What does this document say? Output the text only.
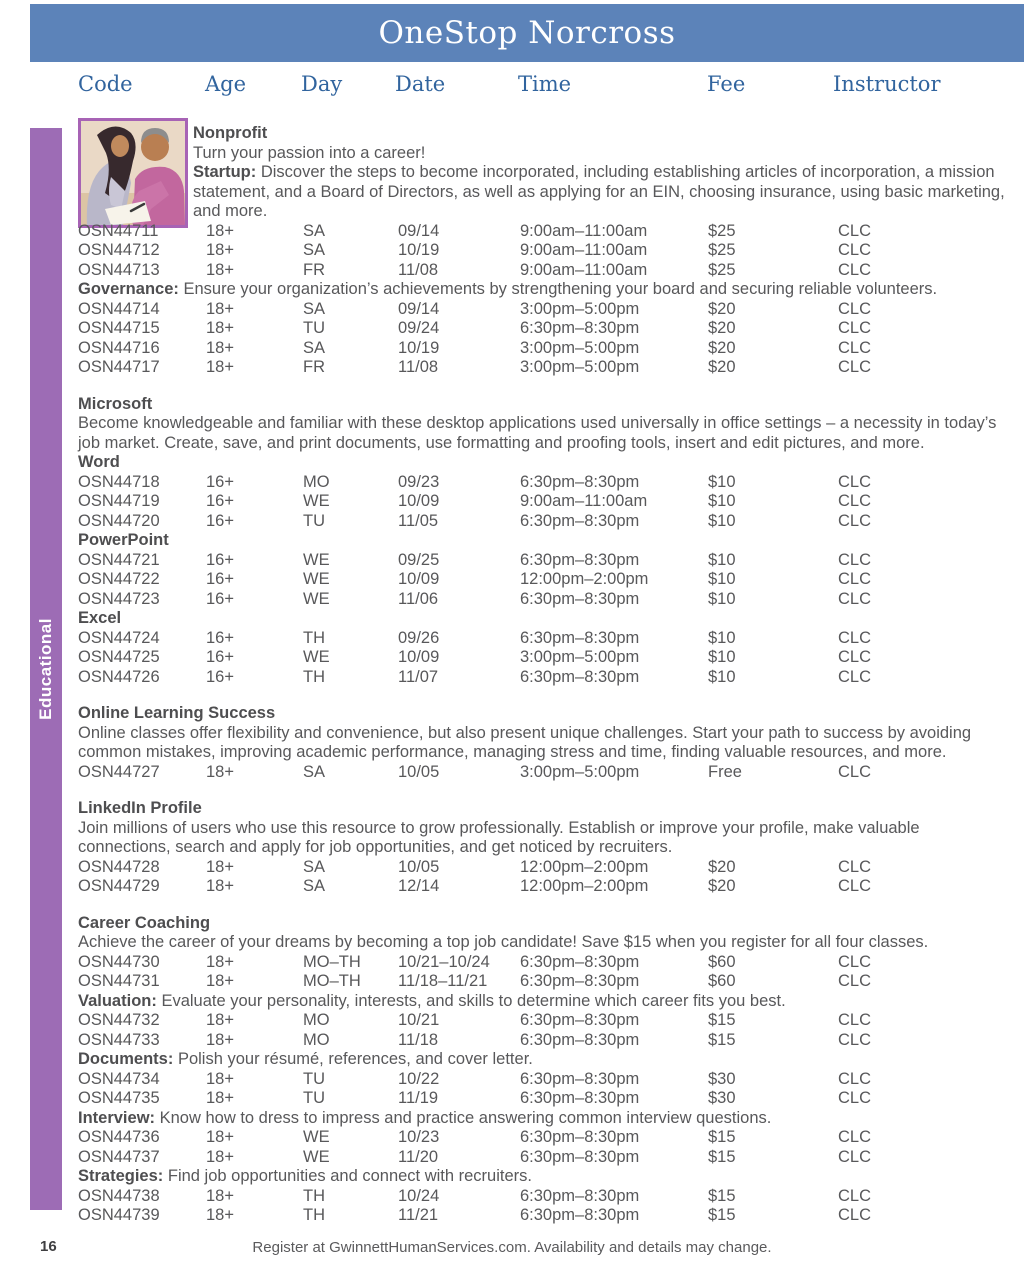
OneStop Norcross
Code	Age	Day	Date	Time	Fee	Instructor
Educational
Nonprofit
Turn your passion into a career!
Startup: Discover the steps to become incorporated, including establishing articles of incorporation, a mission statement, and a Board of Directors, as well as applying for an EIN, choosing insurance, using basic marketing, and more.
OSN44711	18+	SA	09/14	9:00am–11:00am	$25	CLC
OSN44712	18+	SA	10/19	9:00am–11:00am	$25	CLC
OSN44713	18+	FR	11/08	9:00am–11:00am	$25	CLC
Governance: Ensure your organization’s achievements by strengthening your board and securing reliable volunteers.
OSN44714	18+	SA	09/14	3:00pm–5:00pm	$20	CLC
OSN44715	18+	TU	09/24	6:30pm–8:30pm	$20	CLC
OSN44716	18+	SA	10/19	3:00pm–5:00pm	$20	CLC
OSN44717	18+	FR	11/08	3:00pm–5:00pm	$20	CLC
Microsoft
Become knowledgeable and familiar with these desktop applications used universally in office settings – a necessity in today’s job market. Create, save, and print documents, use formatting and proofing tools, insert and edit pictures, and more.
Word
OSN44718	16+	MO	09/23	6:30pm–8:30pm	$10	CLC
OSN44719	16+	WE	10/09	9:00am–11:00am	$10	CLC
OSN44720	16+	TU	11/05	6:30pm–8:30pm	$10	CLC
PowerPoint
OSN44721	16+	WE	09/25	6:30pm–8:30pm	$10	CLC
OSN44722	16+	WE	10/09	12:00pm–2:00pm	$10	CLC
OSN44723	16+	WE	11/06	6:30pm–8:30pm	$10	CLC
Excel
OSN44724	16+	TH	09/26	6:30pm–8:30pm	$10	CLC
OSN44725	16+	WE	10/09	3:00pm–5:00pm	$10	CLC
OSN44726	16+	TH	11/07	6:30pm–8:30pm	$10	CLC
Online Learning Success
Online classes offer flexibility and convenience, but also present unique challenges. Start your path to success by avoiding common mistakes, improving academic performance, managing stress and time, finding valuable resources, and more.
OSN44727	18+	SA	10/05	3:00pm–5:00pm	Free	CLC
LinkedIn Profile
Join millions of users who use this resource to grow professionally. Establish or improve your profile, make valuable connections, search and apply for job opportunities, and get noticed by recruiters.
OSN44728	18+	SA	10/05	12:00pm–2:00pm	$20	CLC
OSN44729	18+	SA	12/14	12:00pm–2:00pm	$20	CLC
Career Coaching
Achieve the career of your dreams by becoming a top job candidate! Save $15 when you register for all four classes.
OSN44730	18+	MO–TH	10/21–10/24	6:30pm–8:30pm	$60	CLC
OSN44731	18+	MO–TH	11/18–11/21	6:30pm–8:30pm	$60	CLC
Valuation: Evaluate your personality, interests, and skills to determine which career fits you best.
OSN44732	18+	MO	10/21	6:30pm–8:30pm	$15	CLC
OSN44733	18+	MO	11/18	6:30pm–8:30pm	$15	CLC
Documents: Polish your résumé, references, and cover letter.
OSN44734	18+	TU	10/22	6:30pm–8:30pm	$30	CLC
OSN44735	18+	TU	11/19	6:30pm–8:30pm	$30	CLC
Interview: Know how to dress to impress and practice answering common interview questions.
OSN44736	18+	WE	10/23	6:30pm–8:30pm	$15	CLC
OSN44737	18+	WE	11/20	6:30pm–8:30pm	$15	CLC
Strategies: Find job opportunities and connect with recruiters.
OSN44738	18+	TH	10/24	6:30pm–8:30pm	$15	CLC
OSN44739	18+	TH	11/21	6:30pm–8:30pm	$15	CLC
16	Register at GwinnettHumanServices.com. Availability and details may change.
